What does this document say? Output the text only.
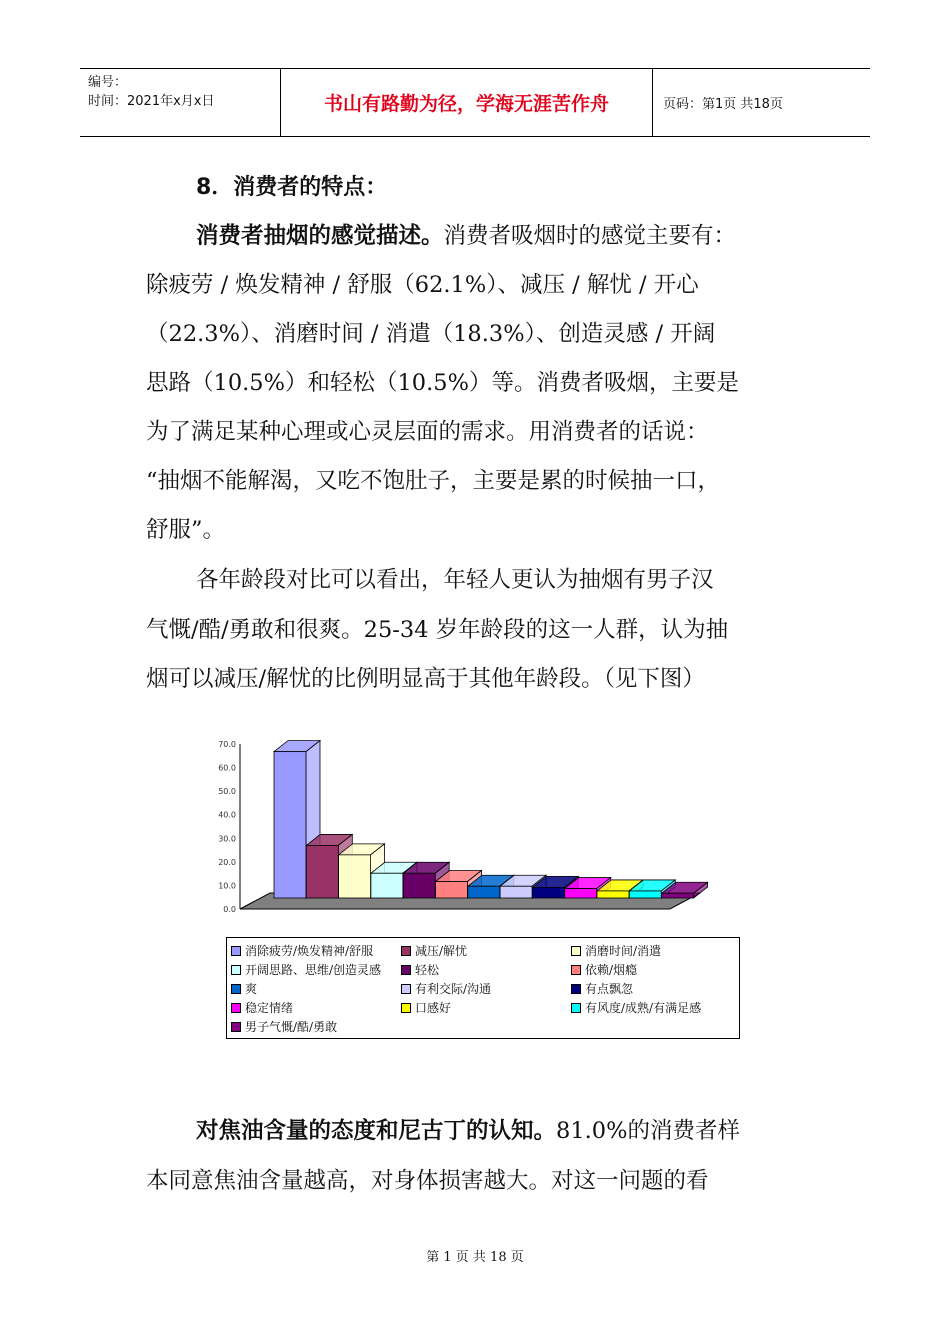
编号：
时间：2021年x月x日	书山有路勤为径，学海无涯苦作舟	页码：第1页 共18页
8．消费者的特点：
消费者抽烟的感觉描述。消费者吸烟时的感觉主要有：
除疲劳 / 焕发精神 / 舒服（62.1%）、减压 / 解忧 / 开心
（22.3%）、消磨时间 / 消遣（18.3%）、创造灵感 / 开阔
思路（10.5%）和轻松（10.5%）等。消费者吸烟，主要是
为了满足某种心理或心灵层面的需求。用消费者的话说：
“抽烟不能解渴，又吃不饱肚子，主要是累的时候抽一口，
舒服”。
各年龄段对比可以看出，年轻人更认为抽烟有男子汉
气慨/酷/勇敢和很爽。25-34 岁年龄段的这一人群，认为抽
烟可以减压/解忧的比例明显高于其他年龄段。（见下图）
0.0
10.0
20.0
30.0
40.0
50.0
60.0
70.0
消除疲劳/焕发精神/舒服	减压/解忧	消磨时间/消遣
开阔思路、思维/创造灵感	轻松	依赖/烟瘾
爽	有利交际/沟通	有点飘忽
稳定情绪	口感好	有风度/成熟/有满足感
男子气慨/酷/勇敢
对焦油含量的态度和尼古丁的认知。81.0%的消费者样
本同意焦油含量越高，对身体损害越大。对这一问题的看
第 1 页 共 18 页
